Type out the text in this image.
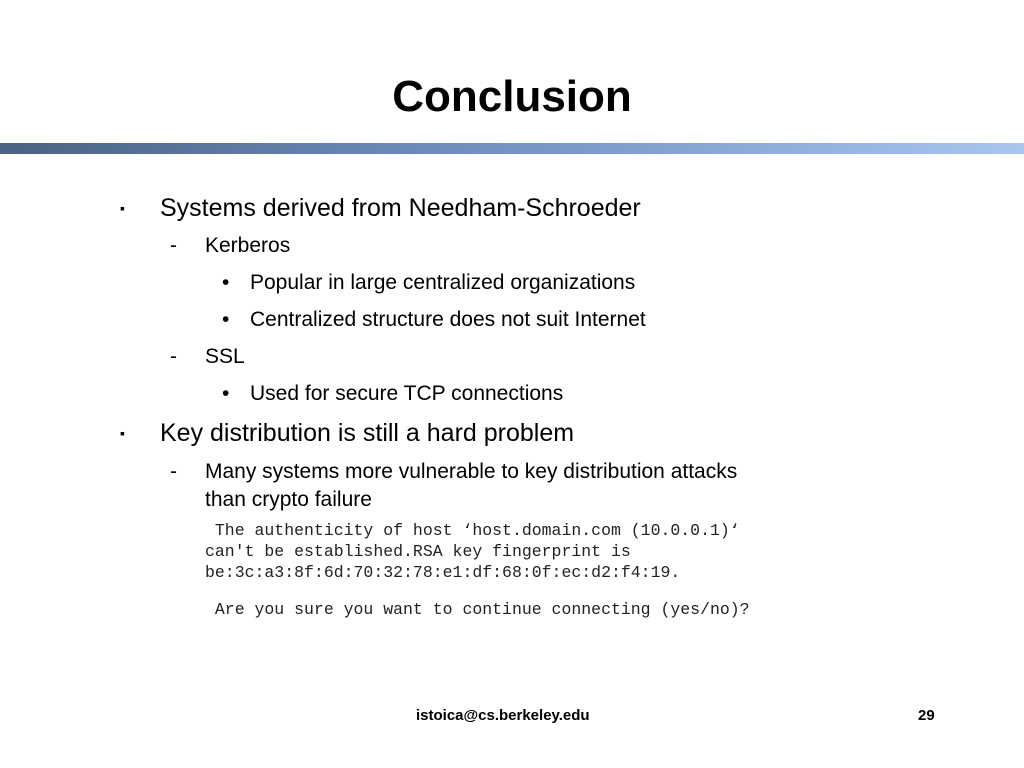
Conclusion
▪ Systems derived from Needham-Schroeder
- Kerberos
• Popular in large centralized organizations
• Centralized structure does not suit Internet
- SSL
• Used for secure TCP connections
▪ Key distribution is still a hard problem
- Many systems more vulnerable to key distribution attacks
than crypto failure
The authenticity of host ‘host.domain.com (10.0.0.1)‘
can't be established.RSA key fingerprint is
be:3c:a3:8f:6d:70:32:78:e1:df:68:0f:ec:d2:f4:19.
Are you sure you want to continue connecting (yes/no)?
istoica@cs.berkeley.edu	29
